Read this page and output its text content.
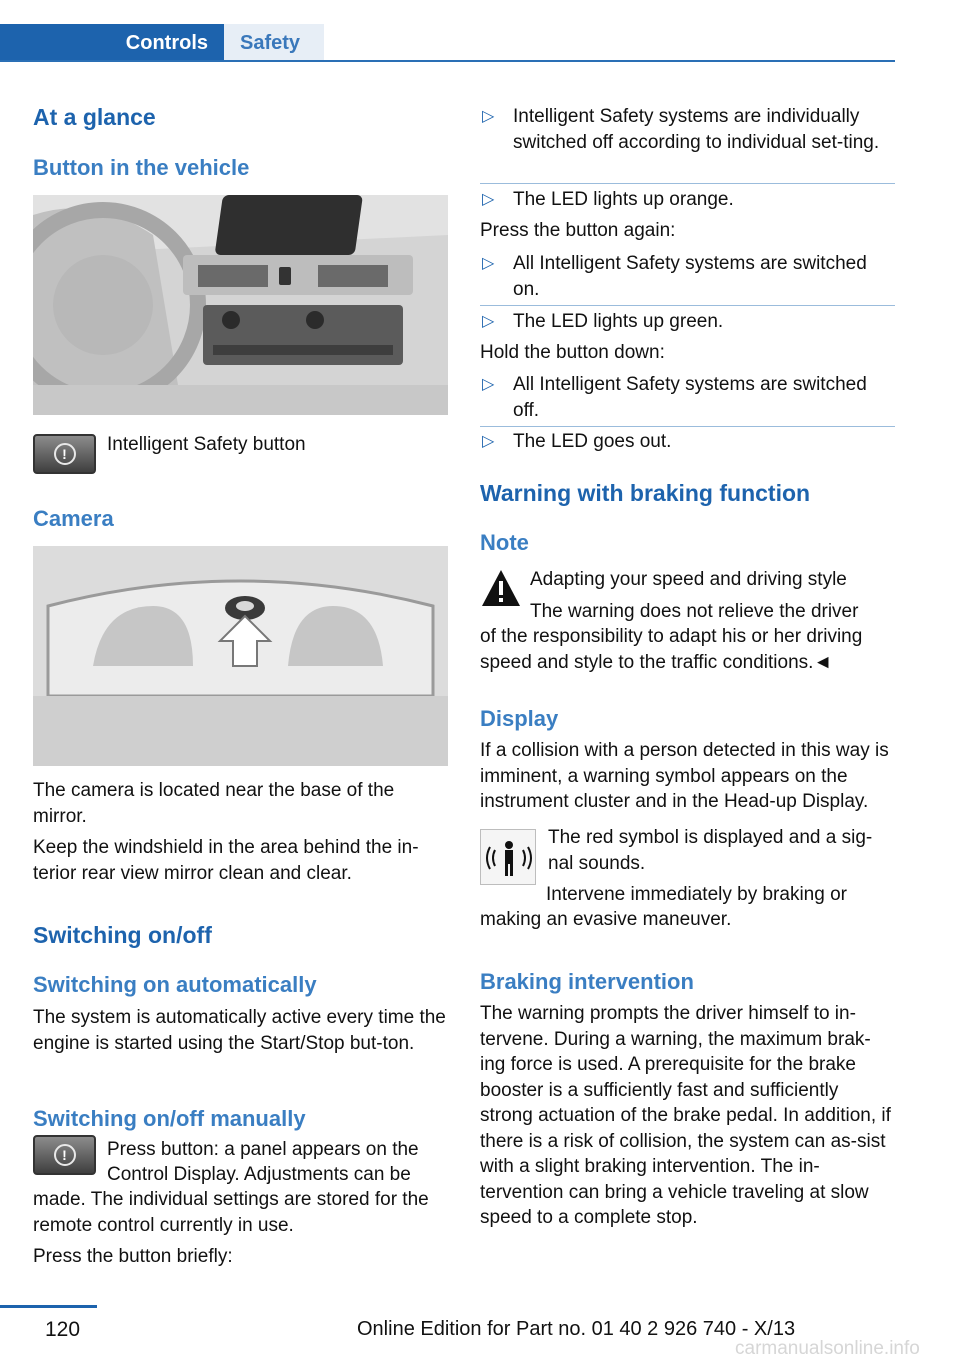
Controls	Safety
At a glance
Button in the vehicle
!	Intelligent Safety button
Camera
The camera is located near the base of the mirror.
Keep the windshield in the area behind the in-terior rear view mirror clean and clear.
Switching on/off
Switching on automatically
The system is automatically active every time the engine is started using the Start/Stop but-ton.
Switching on/off manually
!	Press button: a panel appears on the
Control Display. Adjustments can be
made. The individual settings are stored for the remote control currently in use.
Press the button briefly:
▷ Intelligent Safety systems are individually switched off according to individual set-ting.
▷ The LED lights up orange.
Press the button again:
▷ All Intelligent Safety systems are switched on.
▷ The LED lights up green.
Hold the button down:
▷ All Intelligent Safety systems are switched off.
▷ The LED goes out.
Warning with braking function
Note
Adapting your speed and driving style
The warning does not relieve the driver
of the responsibility to adapt his or her driving speed and style to the traffic conditions.◄
Display
If a collision with a person detected in this way is imminent, a warning symbol appears on the instrument cluster and in the Head-up Display.
The red symbol is displayed and a sig-nal sounds.
Intervene immediately by braking or
making an evasive maneuver.
Braking intervention
The warning prompts the driver himself to in-tervene. During a warning, the maximum brak-ing force is used. A prerequisite for the brake booster is a sufficiently fast and sufficiently strong actuation of the brake pedal. In addition, if there is a risk of collision, the system can as-sist with a slight braking intervention. The in-tervention can bring a vehicle traveling at slow speed to a complete stop.
120	Online Edition for Part no. 01 40 2 926 740 - X/13
carmanualsonline.info
